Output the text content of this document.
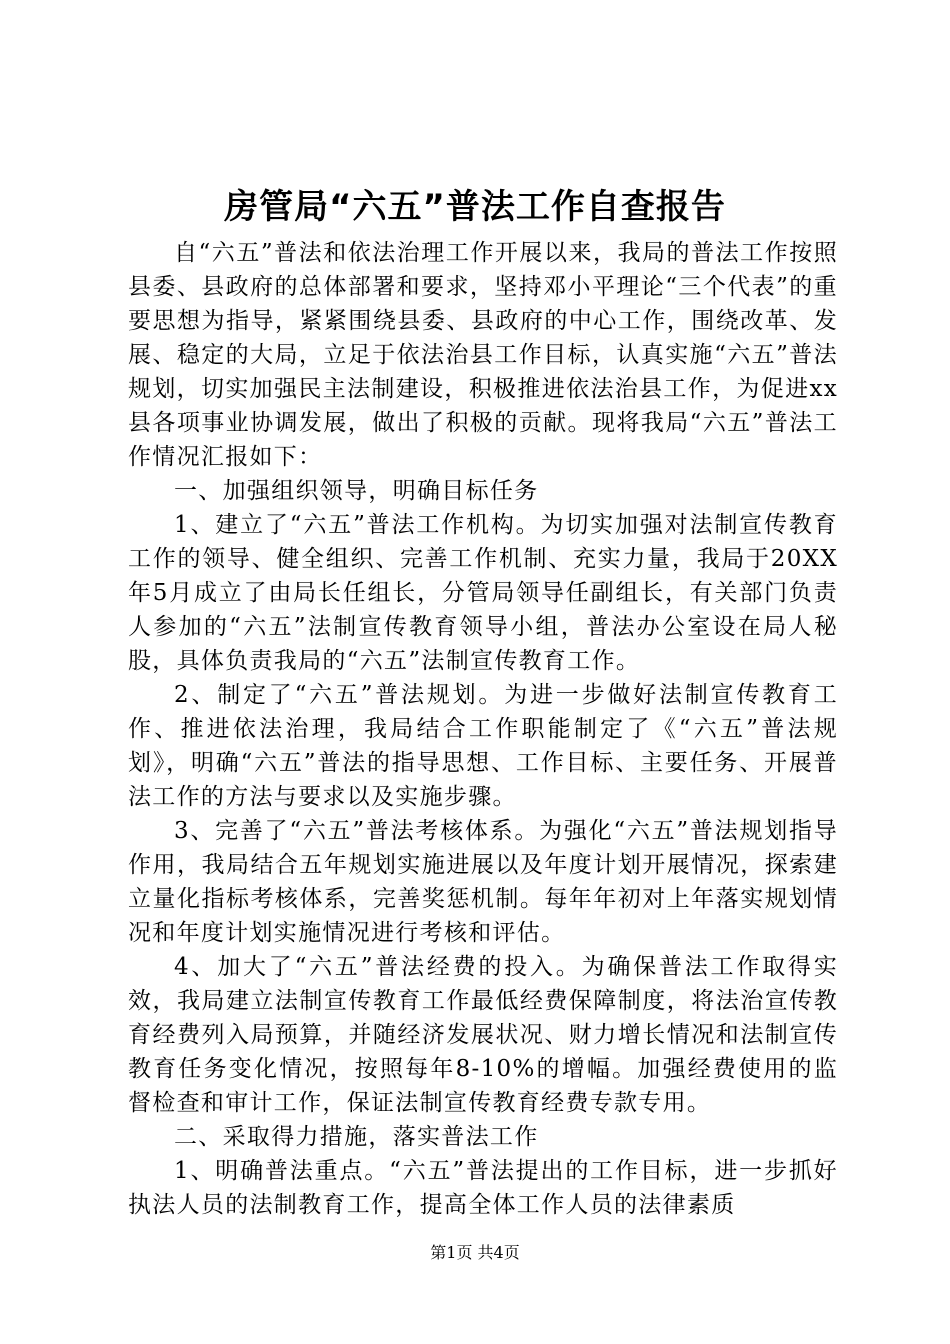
房管局“六五”普法工作自查报告

自“六五”普法和依法治理工作开展以来，我局的普法工作按照县委、县政府的总体部署和要求，坚持邓小平理论“三个代表”的重要思想为指导，紧紧围绕县委、县政府的中心工作，围绕改革、发展、稳定的大局，立足于依法治县工作目标，认真实施“六五”普法规划，切实加强民主法制建设，积极推进依法治县工作，为促进xx县各项事业协调发展，做出了积极的贡献。现将我局“六五”普法工作情况汇报如下：

一、加强组织领导，明确目标任务

1、建立了“六五”普法工作机构。为切实加强对法制宣传教育工作的领导、健全组织、完善工作机制、充实力量，我局于20XX年5月成立了由局长任组长，分管局领导任副组长，有关部门负责人参加的“六五”法制宣传教育领导小组，普法办公室设在局人秘股，具体负责我局的“六五”法制宣传教育工作。

2、制定了“六五”普法规划。为进一步做好法制宣传教育工作、推进依法治理，我局结合工作职能制定了《“六五”普法规划》，明确“六五”普法的指导思想、工作目标、主要任务、开展普法工作的方法与要求以及实施步骤。

3、完善了“六五”普法考核体系。为强化“六五”普法规划指导作用，我局结合五年规划实施进展以及年度计划开展情况，探索建立量化指标考核体系，完善奖惩机制。每年年初对上年落实规划情况和年度计划实施情况进行考核和评估。

4、加大了“六五”普法经费的投入。为确保普法工作取得实效，我局建立法制宣传教育工作最低经费保障制度，将法治宣传教育经费列入局预算，并随经济发展状况、财力增长情况和法制宣传教育任务变化情况，按照每年8-10%的增幅。加强经费使用的监督检查和审计工作，保证法制宣传教育经费专款专用。

二、采取得力措施，落实普法工作

1、明确普法重点。“六五”普法提出的工作目标，进一步抓好执法人员的法制教育工作，提高全体工作人员的法律素质

第1页 共4页
